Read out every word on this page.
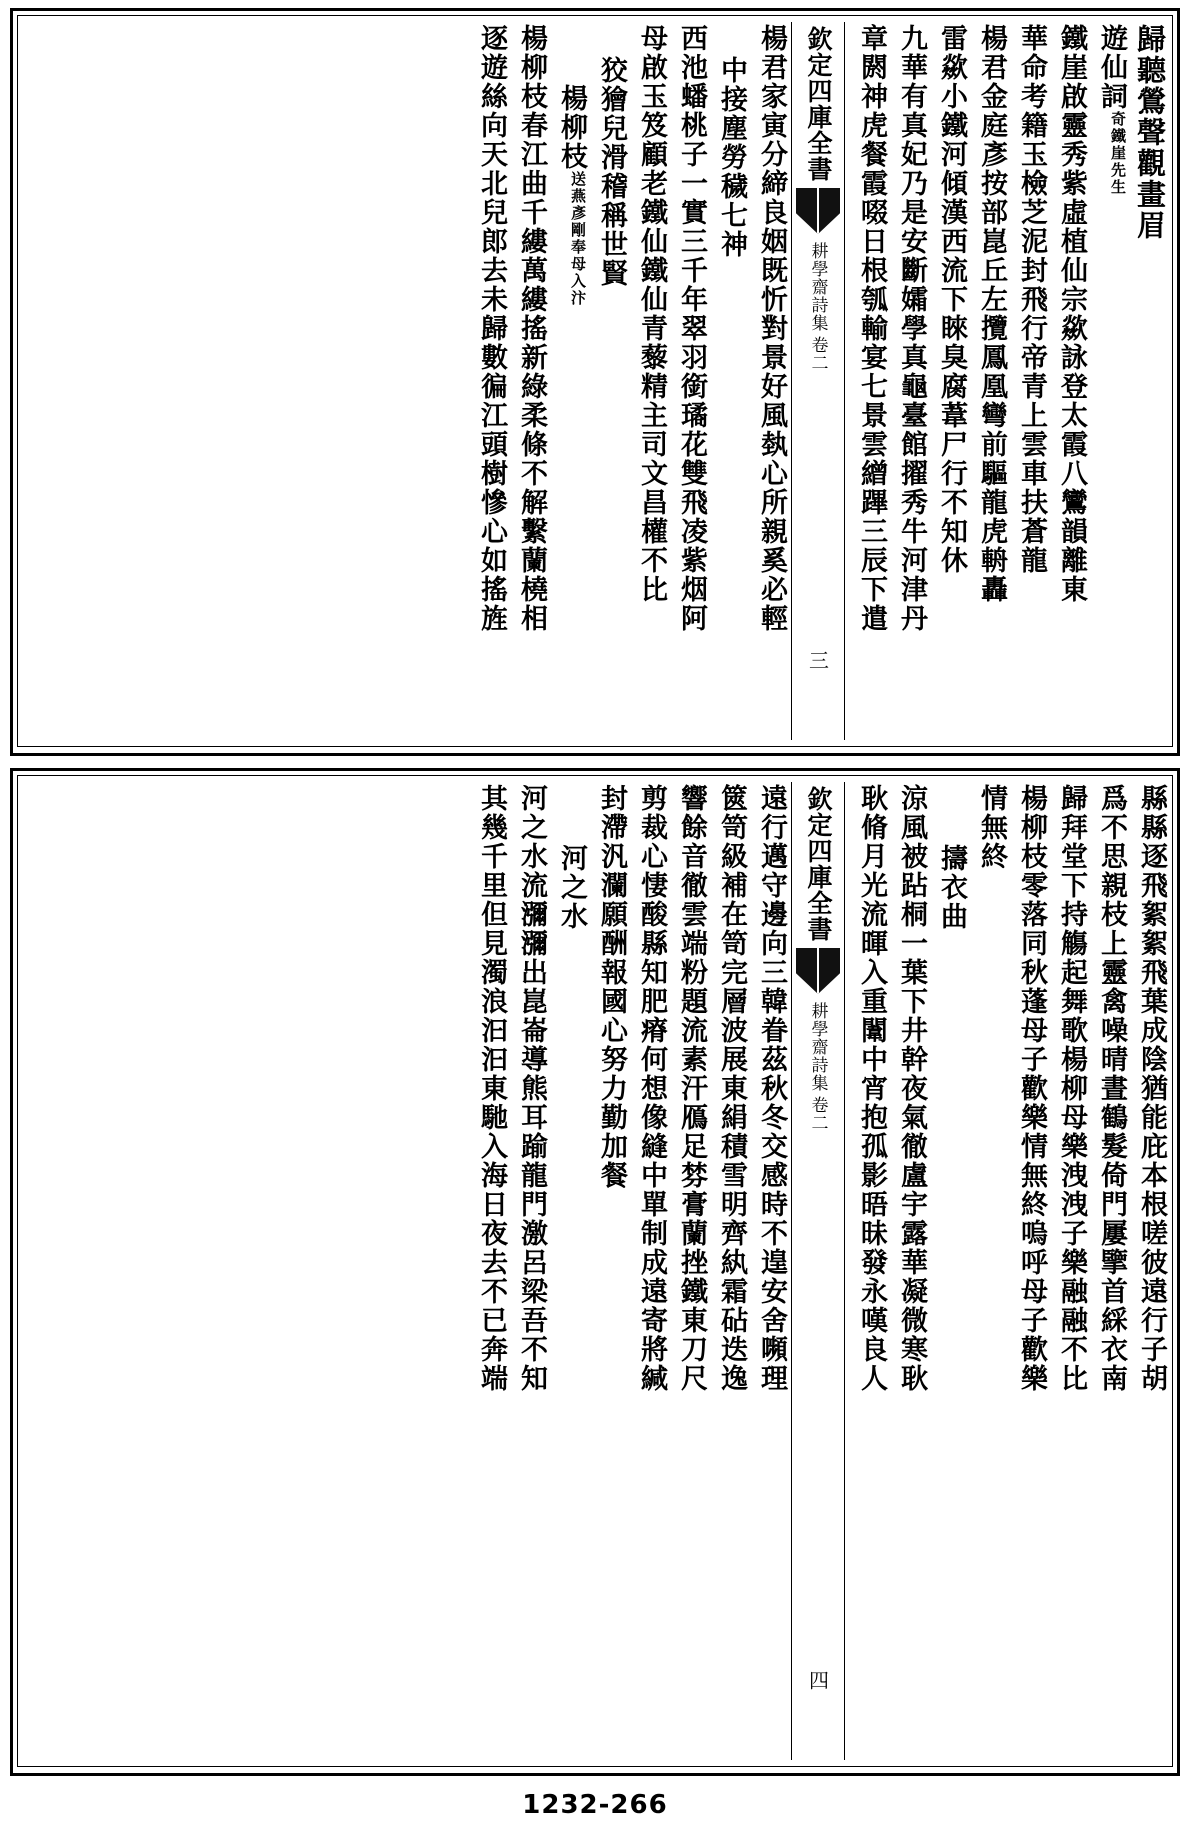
歸聽鶯聲觀畫眉
遊仙詞奇鐵崖先生
鐵崖啟靈秀紫虛植仙宗歘詠登太霞八鸞韻離東
華命考籍玉檢芝泥封飛行帝青上雲車扶蒼龍
楊君金庭彥按部崑丘左攬鳳凰彎前驅龍虎輈轟
雷歘小鐵河傾漢西流下睞臭腐葦尸行不知休
九華有真妃乃是安斷孀學真龜臺館擢秀牛河津丹
章閼神虎餐霞啜日根瓠輸宴七景雲繒蹕三辰下遣
欽定四庫全書
耕學齋詩集
卷二
三
楊君家寅分締良姻既忻對景好風埶心所親奚必輕
中接塵勞穢七神
西池蟠桃子一實三千年翠羽銜璚花雙飛凌紫烟阿
母啟玉笈顧老鐵仙鐵仙青藜精主司文昌權不比
狡獪兒滑稽稱世賢
楊柳枝送燕彥剛奉母入汴
楊柳枝春江曲千縷萬縷搖新綠柔條不解繫蘭橈相
逐遊絲向天北兒郎去未歸數徧江頭樹慘心如搖旌
縣縣逐飛絮絮飛葉成陰猶能庇本根嗟彼遠行子胡
爲不思親枝上靈禽噪晴晝鶴髮倚門屢擥首綵衣南
歸拜堂下持觴起舞歌楊柳母樂洩洩子樂融融不比
楊柳枝零落同秋蓬母子歡樂情無終嗚呼母子歡樂
情無終
擣衣曲
涼風被跕桐一葉下井幹夜氣徹盧宇露華凝微寒耿
耿脩月光流暉入重闈中宵抱孤影晤昧發永嘆良人
欽定四庫全書
耕學齋詩集
卷二
四
遠行邁守邊向三韓眷茲秋冬交感時不遑安舍嚬理
篋笥級補在笥完層波展東絹積雪明齊紈霜砧迭逸
響餘音徹雲端粉題流素汗鴈足棼膏蘭挫鐵東刀尺
剪裁心悽酸縣知肥瘠何想像縫中單制成遠寄將緘
封滯汎瀾願酬報國心努力勤加餐
河之水
河之水流瀰瀰出崑崙導熊耳踰龍門激呂梁吾不知
其幾千里但見濁浪汩汩東馳入海日夜去不已奔端
1232-266
